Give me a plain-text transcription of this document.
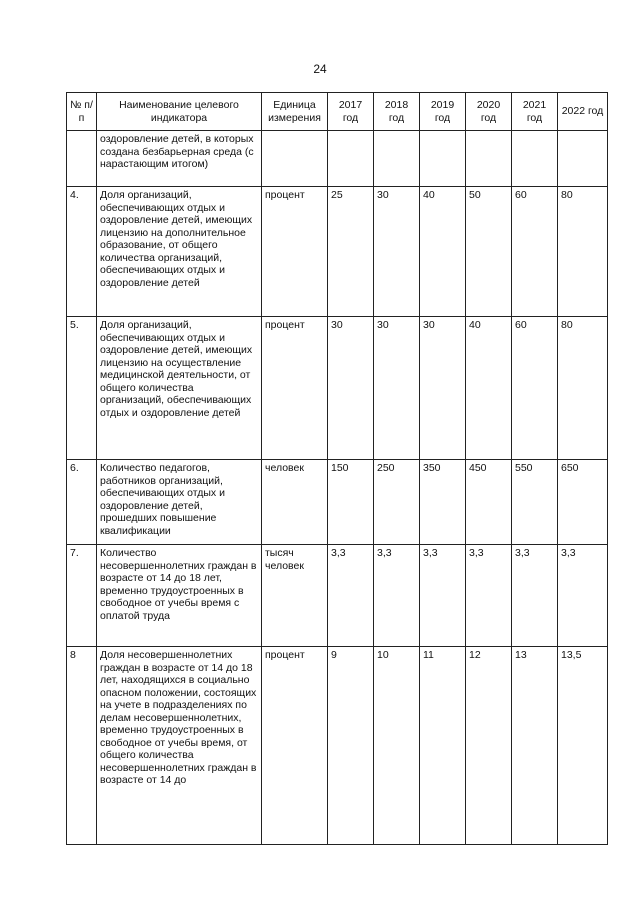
24
№ п/п	Наименование целевого индикатора	Единица измерения	2017 год	2018 год	2019 год	2020 год	2021 год	2022 год
	оздоровление детей, в которых создана безбарьерная среда (с нарастающим итогом)							
4.	Доля организаций, обеспечивающих отдых и оздоровление детей, имеющих лицензию на дополнительное образование, от общего количества организаций, обеспечивающих отдых и оздоровление детей	процент	25	30	40	50	60	80
5.	Доля организаций, обеспечивающих отдых и оздоровление детей, имеющих лицензию на осуществление медицинской деятельности, от общего количества организаций, обеспечивающих отдых и оздоровление детей	процент	30	30	30	40	60	80
6.	Количество педагогов, работников организаций, обеспечивающих отдых и оздоровление детей, прошедших повышение квалификации	человек	150	250	350	450	550	650
7.	Количество несовершеннолетних граждан в возрасте от 14 до 18 лет, временно трудоустроенных в свободное от учебы время с оплатой труда	тысяч человек	3,3	3,3	3,3	3,3	3,3	3,3
8	Доля несовершеннолетних граждан в возрасте от 14 до 18 лет, находящихся в социально опасном положении, состоящих на учете в подразделениях по делам несовершеннолетних, временно трудоустроенных в свободное от учебы время, от общего количества несовершеннолетних граждан в возрасте от 14 до	процент	9	10	11	12	13	13,5
